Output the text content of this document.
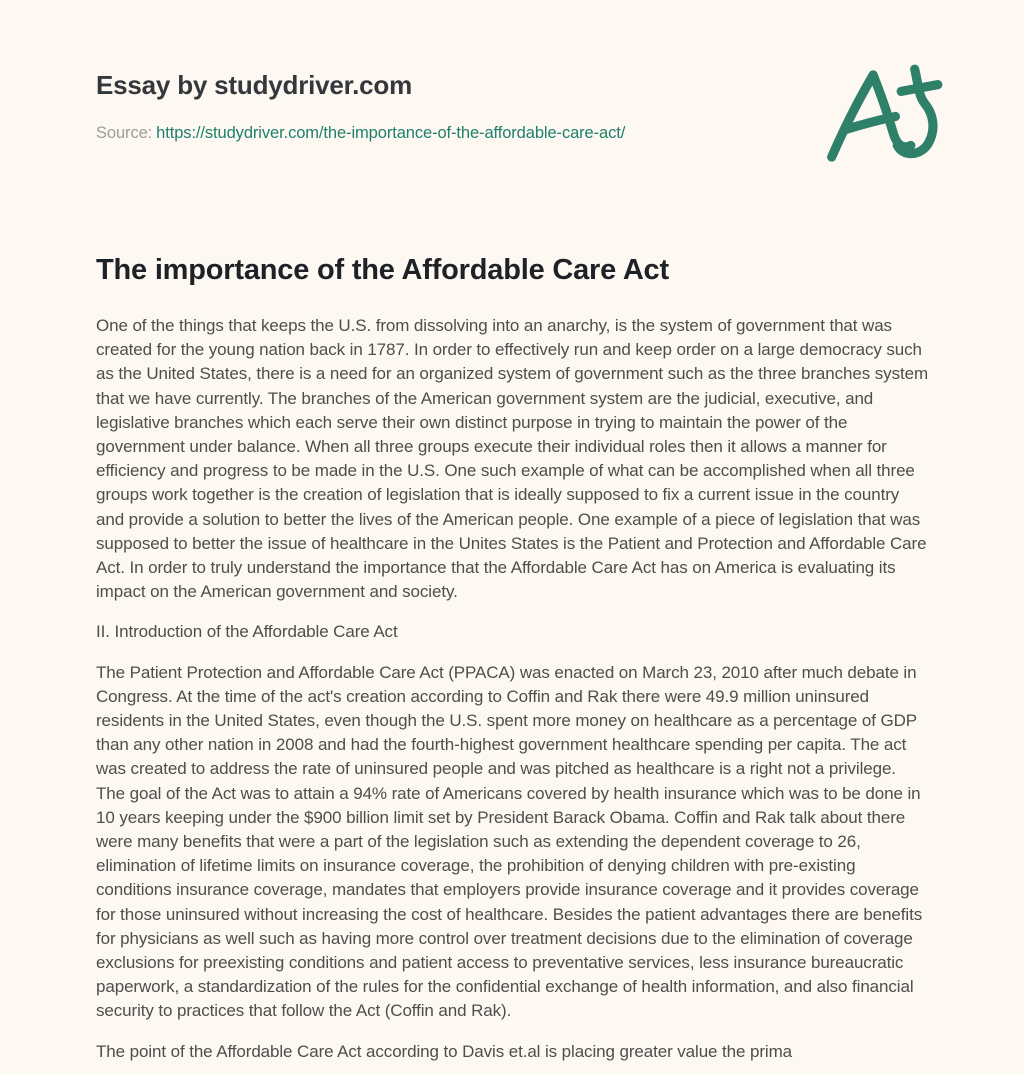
Essay by studydriver.com
Source: https://studydriver.com/the-importance-of-the-affordable-care-act/
The importance of the Affordable Care Act

One of the things that keeps the U.S. from dissolving into an anarchy, is the system of government that was created for the young nation back in 1787. In order to effectively run and keep order on a large democracy such as the United States, there is a need for an organized system of government such as the three branches system that we have currently. The branches of the American government system are the judicial, executive, and legislative branches which each serve their own distinct purpose in trying to maintain the power of the government under balance. When all three groups execute their individual roles then it allows a manner for efficiency and progress to be made in the U.S. One such example of what can be accomplished when all three groups work together is the creation of legislation that is ideally supposed to fix a current issue in the country and provide a solution to better the lives of the American people. One example of a piece of legislation that was supposed to better the issue of healthcare in the Unites States is the Patient and Protection and Affordable Care Act. In order to truly understand the importance that the Affordable Care Act has on America is evaluating its impact on the American government and society.

II. Introduction of the Affordable Care Act

The Patient Protection and Affordable Care Act (PPACA) was enacted on March 23, 2010 after much debate in Congress. At the time of the act's creation according to Coffin and Rak there were 49.9 million uninsured residents in the United States, even though the U.S. spent more money on healthcare as a percentage of GDP than any other nation in 2008 and had the fourth-highest government healthcare spending per capita. The act was created to address the rate of uninsured people and was pitched as healthcare is a right not a privilege. The goal of the Act was to attain a 94% rate of Americans covered by health insurance which was to be done in 10 years keeping under the $900 billion limit set by President Barack Obama. Coffin and Rak talk about there were many benefits that were a part of the legislation such as extending the dependent coverage to 26, elimination of lifetime limits on insurance coverage, the prohibition of denying children with pre-existing conditions insurance coverage, mandates that employers provide insurance coverage and it provides coverage for those uninsured without increasing the cost of healthcare. Besides the patient advantages there are benefits for physicians as well such as having more control over treatment decisions due to the elimination of coverage exclusions for preexisting conditions and patient access to preventative services, less insurance bureaucratic paperwork, a standardization of the rules for the confidential exchange of health information, and also financial security to practices that follow the Act (Coffin and Rak).

The point of the Affordable Care Act according to Davis et.al is placing greater value the prima
